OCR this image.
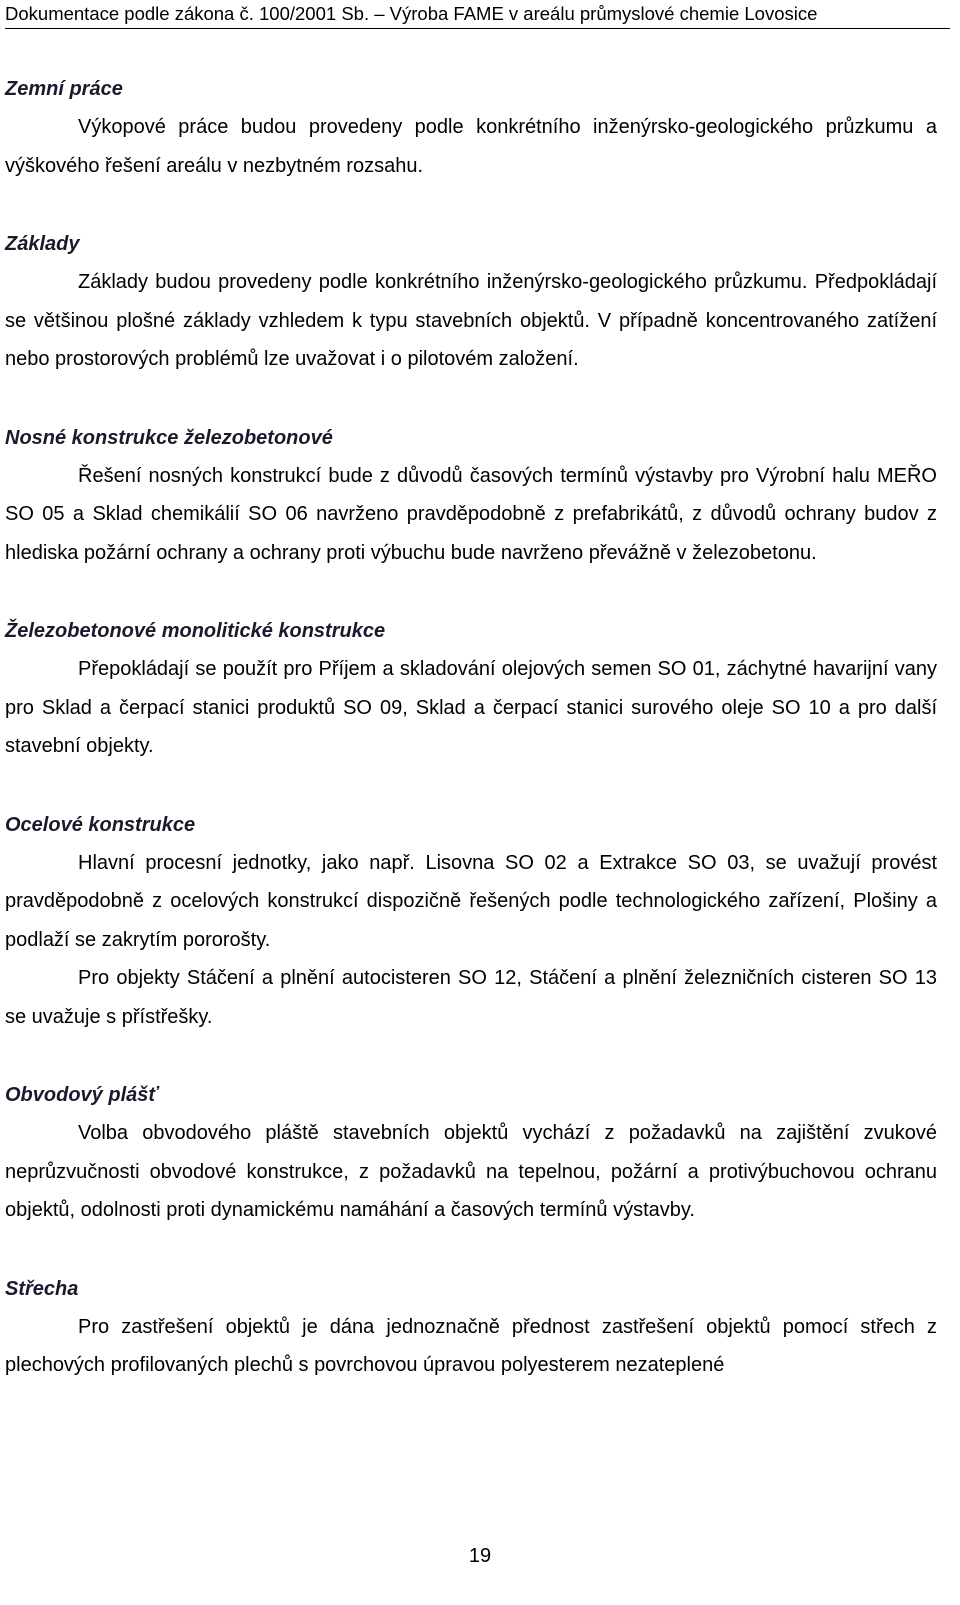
Dokumentace podle zákona č. 100/2001 Sb. – Výroba FAME v areálu průmyslové chemie Lovosice
Zemní práce

Výkopové práce budou provedeny podle konkrétního inženýrsko-geologického průzkumu a výškového řešení areálu v nezbytném rozsahu.

Základy

Základy budou provedeny podle konkrétního inženýrsko-geologického průzkumu. Předpokládají se většinou plošné základy vzhledem k typu stavebních objektů. V případně koncentrovaného zatížení nebo prostorových problémů lze uvažovat i o pilotovém založení.

Nosné konstrukce železobetonové

Řešení nosných konstrukcí bude z důvodů časových termínů výstavby pro Výrobní halu MEŘO SO 05 a Sklad chemikálií SO 06 navrženo pravděpodobně z prefabrikátů, z důvodů ochrany budov z hlediska požární ochrany a ochrany proti výbuchu bude navrženo převážně v železobetonu.

Železobetonové monolitické konstrukce

Přepokládají se použít pro Příjem a skladování olejových semen SO 01, záchytné havarijní vany pro Sklad a čerpací stanici produktů SO 09, Sklad a čerpací stanici surového oleje SO 10 a pro další stavební objekty.

Ocelové konstrukce

Hlavní procesní jednotky, jako např. Lisovna SO 02 a Extrakce SO 03, se uvažují provést pravděpodobně z ocelových konstrukcí dispozičně řešených podle technologického zařízení, Plošiny a podlaží se zakrytím pororošty.

Pro objekty Stáčení a plnění autocisteren SO 12, Stáčení a plnění železničních cisteren SO 13 se uvažuje s přístřešky.

Obvodový plášť

Volba obvodového pláště stavebních objektů vychází z požadavků na zajištění zvukové neprůzvučnosti obvodové konstrukce, z požadavků na tepelnou, požární a protivýbuchovou ochranu objektů, odolnosti proti dynamickému namáhání a časových termínů výstavby.

Střecha

Pro zastřešení objektů je dána jednoznačně přednost zastřešení objektů pomocí střech z plechových profilovaných plechů s povrchovou úpravou polyesterem nezateplené

19
